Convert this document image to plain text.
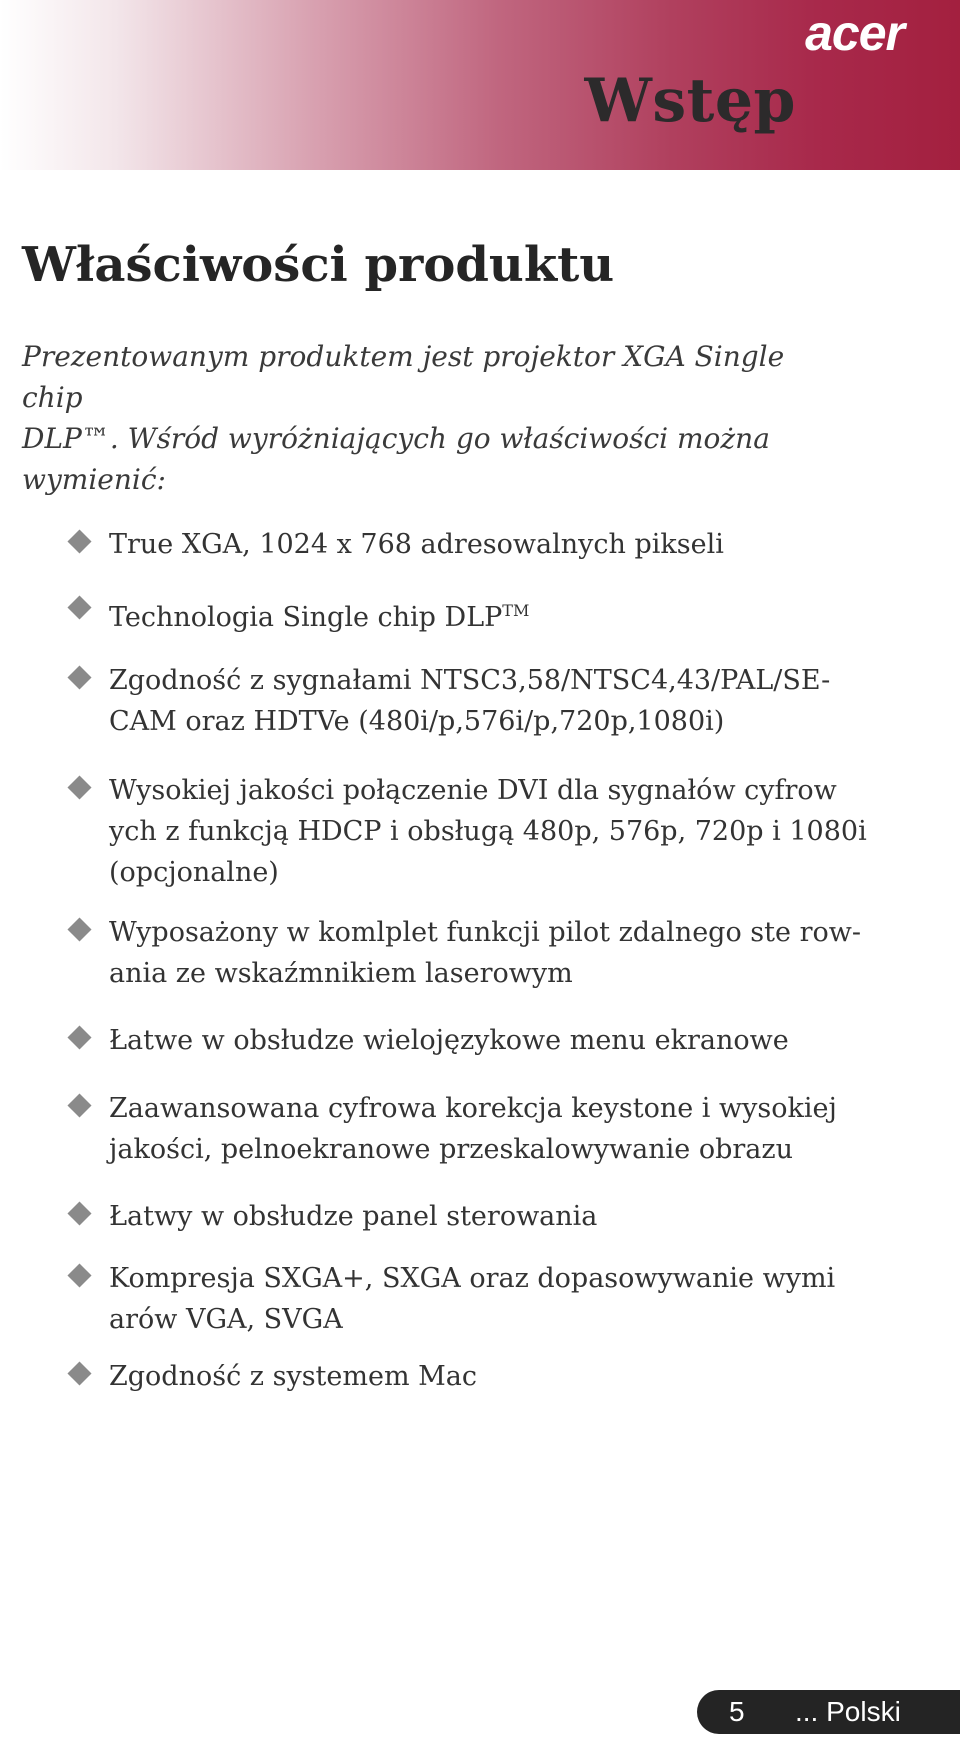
acer
Wstęp
Właściwości produktu

Prezentowanym produktem jest projektor XGA Single chip
DLP™. Wśród wyróżniających go właściwości można
wymienić:

True XGA, 1024 x 768 adresowalnych pikseli
Technologia Single chip DLP™
Zgodność z sygnałami NTSC3,58/NTSC4,43/PAL/SE-
CAM oraz HDTVe (480i/p,576i/p,720p,1080i)
Wysokiej jakości połączenie DVI dla sygnałów cyfrow
ych z funkcją HDCP i obsługą 480p, 576p, 720p i 1080i
(opcjonalne)
Wyposażony w komlplet funkcji pilot zdalnego ste row-
ania ze wskaźmnikiem laserowym
Łatwe w obsłudze wielojęzykowe menu ekranowe
Zaawansowana cyfrowa korekcja keystone i wysokiej
jakości, pelnoekranowe przeskalowywanie obrazu
Łatwy w obsłudze panel sterowania
Kompresja SXGA+, SXGA oraz dopasowywanie wymi
arów VGA, SVGA
Zgodność z systemem Mac
5 ... Polski
